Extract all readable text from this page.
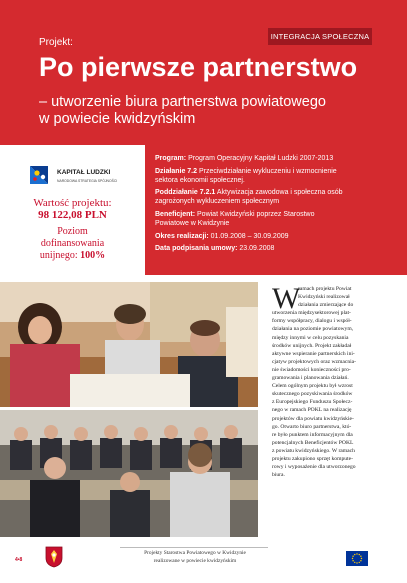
Projekt:
INTEGRACJA SPOŁECZNA
Po pierwsze partnerstwo
– utworzenie biura partnerstwa powiatowego
w powiecie kwidzyńskim
KAPITAŁ LUDZKI
NARODOWA STRATEGIA SPÓJNOŚCI
Wartość projektu:
98 122,08 PLN
Poziom
dofinansowania
unijnego: 100%

Program: Program Operacyjny Kapitał Ludzki 2007-2013

Działanie 7.2 Przeciwdziałanie wykluczeniu i wzmocnienie
sektora ekonomii społecznej.

Poddziałanie 7.2.1 Aktywizacja zawodowa i społeczna osób
zagrożonych wykluczeniem społecznym

Beneficjent: Powiat Kwidzyński poprzez Starostwo
Powiatowe w Kwidzynie

Okres realizacji: 01.09.2008 – 30.09.2009

Data podpisania umowy: 23.09.2008

W
ramach projektu Powiat
Kwidzyński realizował
działania zmierzające do
utworzenia międzysektorowej plat-
formy współpracy, dialogu i współ-
działania na poziomie powiatowym,
między innymi w celu pozyskania
środków unijnych. Projekt zakładał
aktywne wspieranie partnerskich ini-
cjatyw projektowych oraz wzmacnia-
nie świadomości konieczności pro-
gramowania i planowania działań.
Celem ogólnym projektu był wzrost
skutecznego pozyskiwania środków
z Europejskiego Funduszu Społecz-
nego w ramach POKL na realizację
projektów dla powiatu kwidzyńskie-
go. Otwarto biuro partnerstwa, któ-
re było punktem informacyjnym dla
potencjalnych Beneficjentów POKL
z powiatu kwidzyńskiego. W ramach
projektu zakupiono sprzęt kompute-
rowy i wyposażenie dla utworzonego
biura.
4•8
Projekty Starostwa Powiatowego w Kwidzynie
realizowane w powiecie kwidzyńskim
